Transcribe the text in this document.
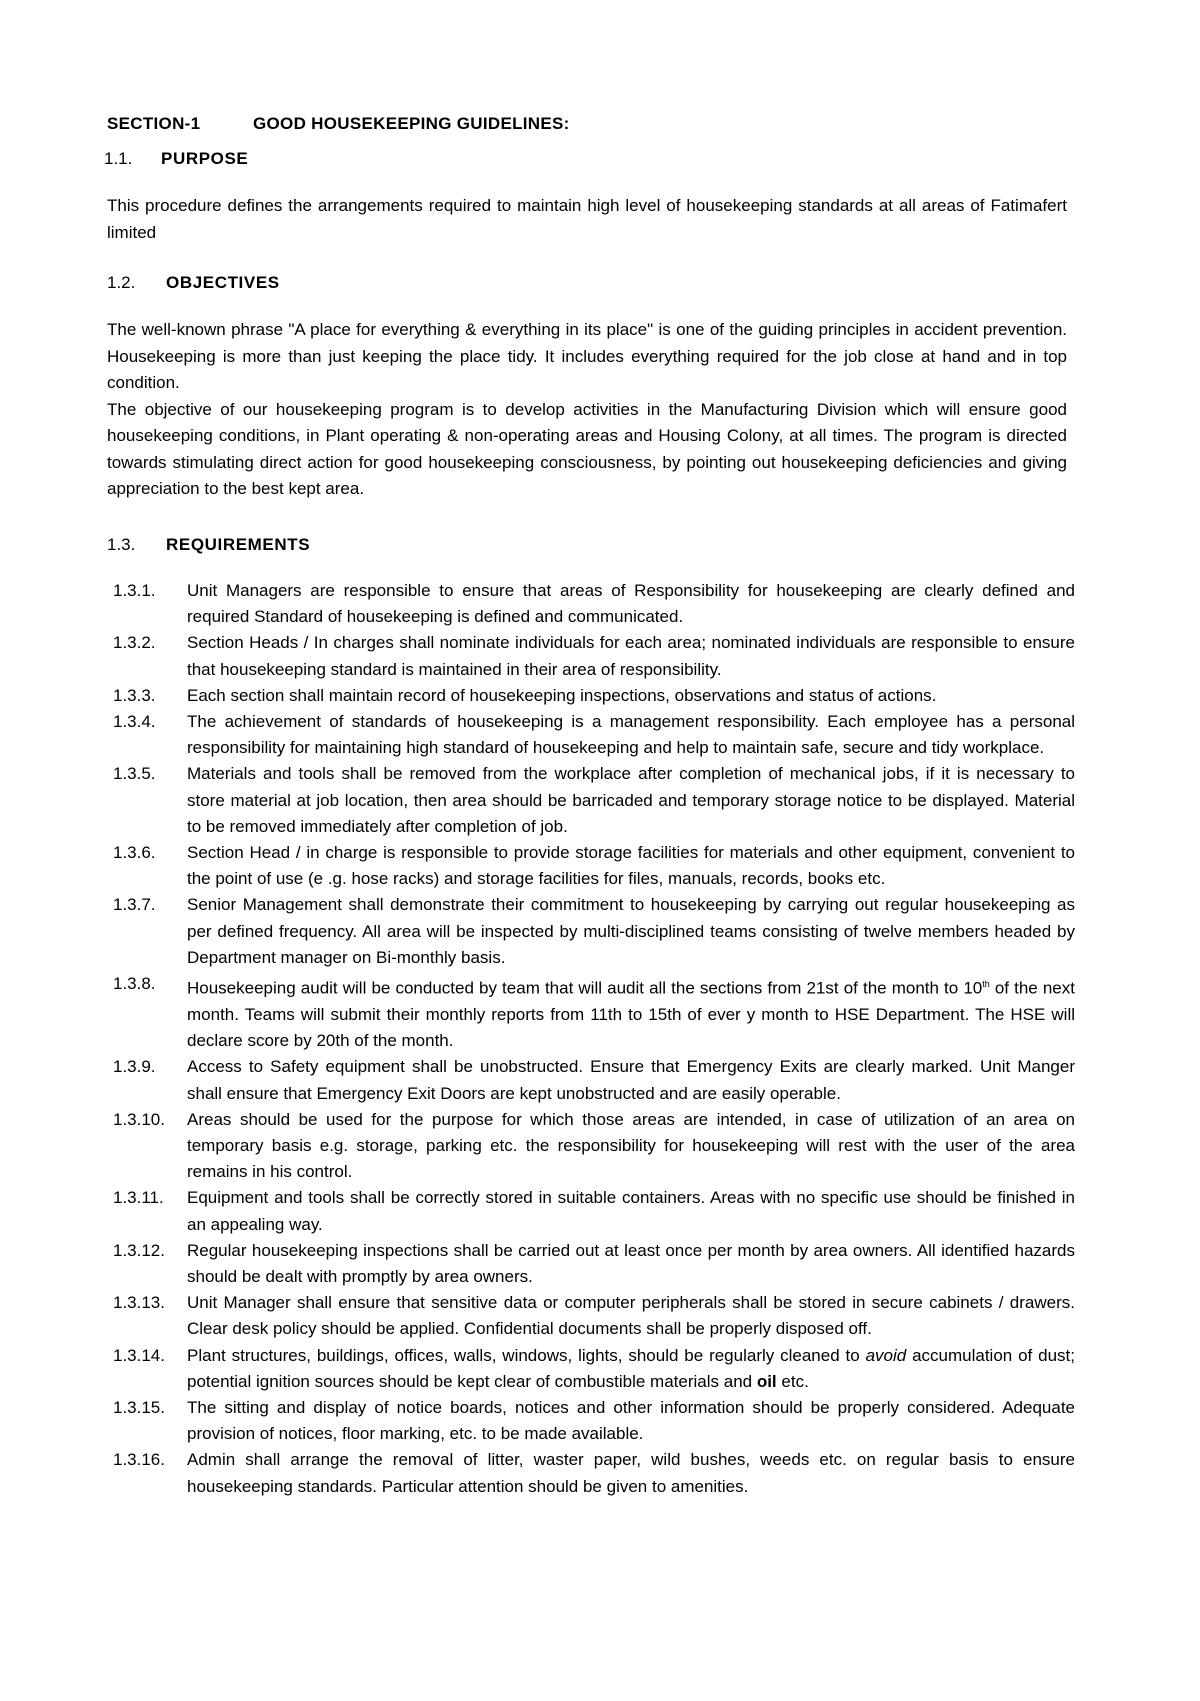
SECTION-1	GOOD HOUSEKEEPING GUIDELINES:
1.1. PURPOSE

This procedure defines the arrangements required to maintain high level of housekeeping standards at all areas of Fatimafert limited

1.2. OBJECTIVES

The well-known phrase "A place for everything & everything in its place" is one of the guiding principles in accident prevention. Housekeeping is more than just keeping the place tidy. It includes everything required for the job close at hand and in top condition.

The objective of our housekeeping program is to develop activities in the Manufacturing Division which will ensure good housekeeping conditions, in Plant operating & non-operating areas and Housing Colony, at all times. The program is directed towards stimulating direct action for good housekeeping consciousness, by pointing out housekeeping deficiencies and giving appreciation to the best kept area.

1.3. REQUIREMENTS
1.3.1.	Unit Managers are responsible to ensure that areas of Responsibility for housekeeping are clearly defined and required Standard of housekeeping is defined and communicated.
1.3.2.	Section Heads / In charges shall nominate individuals for each area; nominated individuals are responsible to ensure that housekeeping standard is maintained in their area of responsibility.
1.3.3.	Each section shall maintain record of housekeeping inspections, observations and status of actions.
1.3.4.	The achievement of standards of housekeeping is a management responsibility. Each employee has a personal responsibility for maintaining high standard of housekeeping and help to maintain safe, secure and tidy workplace.
1.3.5.	Materials and tools shall be removed from the workplace after completion of mechanical jobs, if it is necessary to store material at job location, then area should be barricaded and temporary storage notice to be displayed. Material to be removed immediately after completion of job.
1.3.6.	Section Head / in charge is responsible to provide storage facilities for materials and other equipment, convenient to the point of use (e .g. hose racks) and storage facilities for files, manuals, records, books etc.
1.3.7.	Senior Management shall demonstrate their commitment to housekeeping by carrying out regular housekeeping as per defined frequency. All area will be inspected by multi-disciplined teams consisting of twelve members headed by Department manager on Bi-monthly basis.
1.3.8.	Housekeeping audit will be conducted by team that will audit all the sections from 21st of the month to 10th of the next month. Teams will submit their monthly reports from 11th to 15th of ever y month to HSE Department. The HSE will declare score by 20th of the month.
1.3.9.	Access to Safety equipment shall be unobstructed. Ensure that Emergency Exits are clearly marked. Unit Manger shall ensure that Emergency Exit Doors are kept unobstructed and are easily operable.
1.3.10.	Areas should be used for the purpose for which those areas are intended, in case of utilization of an area on temporary basis e.g. storage, parking etc. the responsibility for housekeeping will rest with the user of the area remains in his control.
1.3.11.	Equipment and tools shall be correctly stored in suitable containers. Areas with no specific use should be finished in an appealing way.
1.3.12.	Regular housekeeping inspections shall be carried out at least once per month by area owners. All identified hazards should be dealt with promptly by area owners.
1.3.13.	Unit Manager shall ensure that sensitive data or computer peripherals shall be stored in secure cabinets / drawers. Clear desk policy should be applied. Confidential documents shall be properly disposed off.
1.3.14.	Plant structures, buildings, offices, walls, windows, lights, should be regularly cleaned to avoid accumulation of dust; potential ignition sources should be kept clear of combustible materials and oil etc.
1.3.15.	The sitting and display of notice boards, notices and other information should be properly considered. Adequate provision of notices, floor marking, etc. to be made available.
1.3.16.	Admin shall arrange the removal of litter, waster paper, wild bushes, weeds etc. on regular basis to ensure housekeeping standards. Particular attention should be given to amenities.
